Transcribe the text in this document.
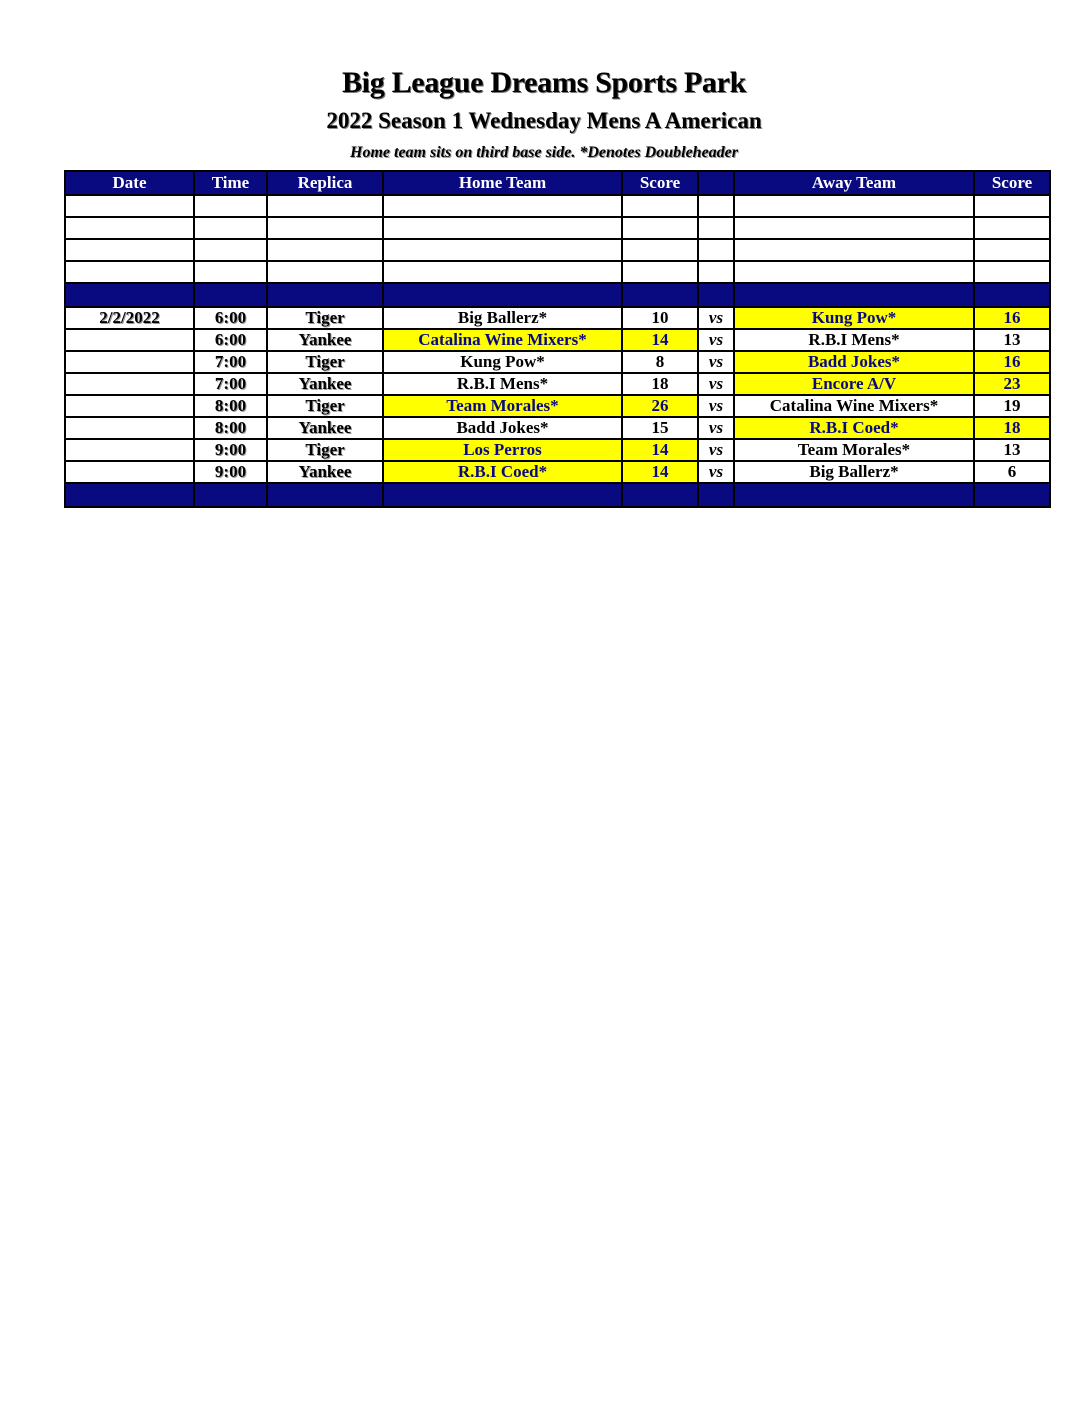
Big League Dreams Sports Park
2022 Season 1 Wednesday Mens A American
Home team sits on third base side. *Denotes Doubleheader
Date	Time	Replica	Home Team	Score		Away Team	Score

2/2/2022	6:00	Tiger	Big Ballerz*	10	vs	Kung Pow*	16
	6:00	Yankee	Catalina Wine Mixers*	14	vs	R.B.I Mens*	13
	7:00	Tiger	Kung Pow*	8	vs	Badd Jokes*	16
	7:00	Yankee	R.B.I Mens*	18	vs	Encore A/V	23
	8:00	Tiger	Team Morales*	26	vs	Catalina Wine Mixers*	19
	8:00	Yankee	Badd Jokes*	15	vs	R.B.I Coed*	18
	9:00	Tiger	Los Perros	14	vs	Team Morales*	13
	9:00	Yankee	R.B.I Coed*	14	vs	Big Ballerz*	6
